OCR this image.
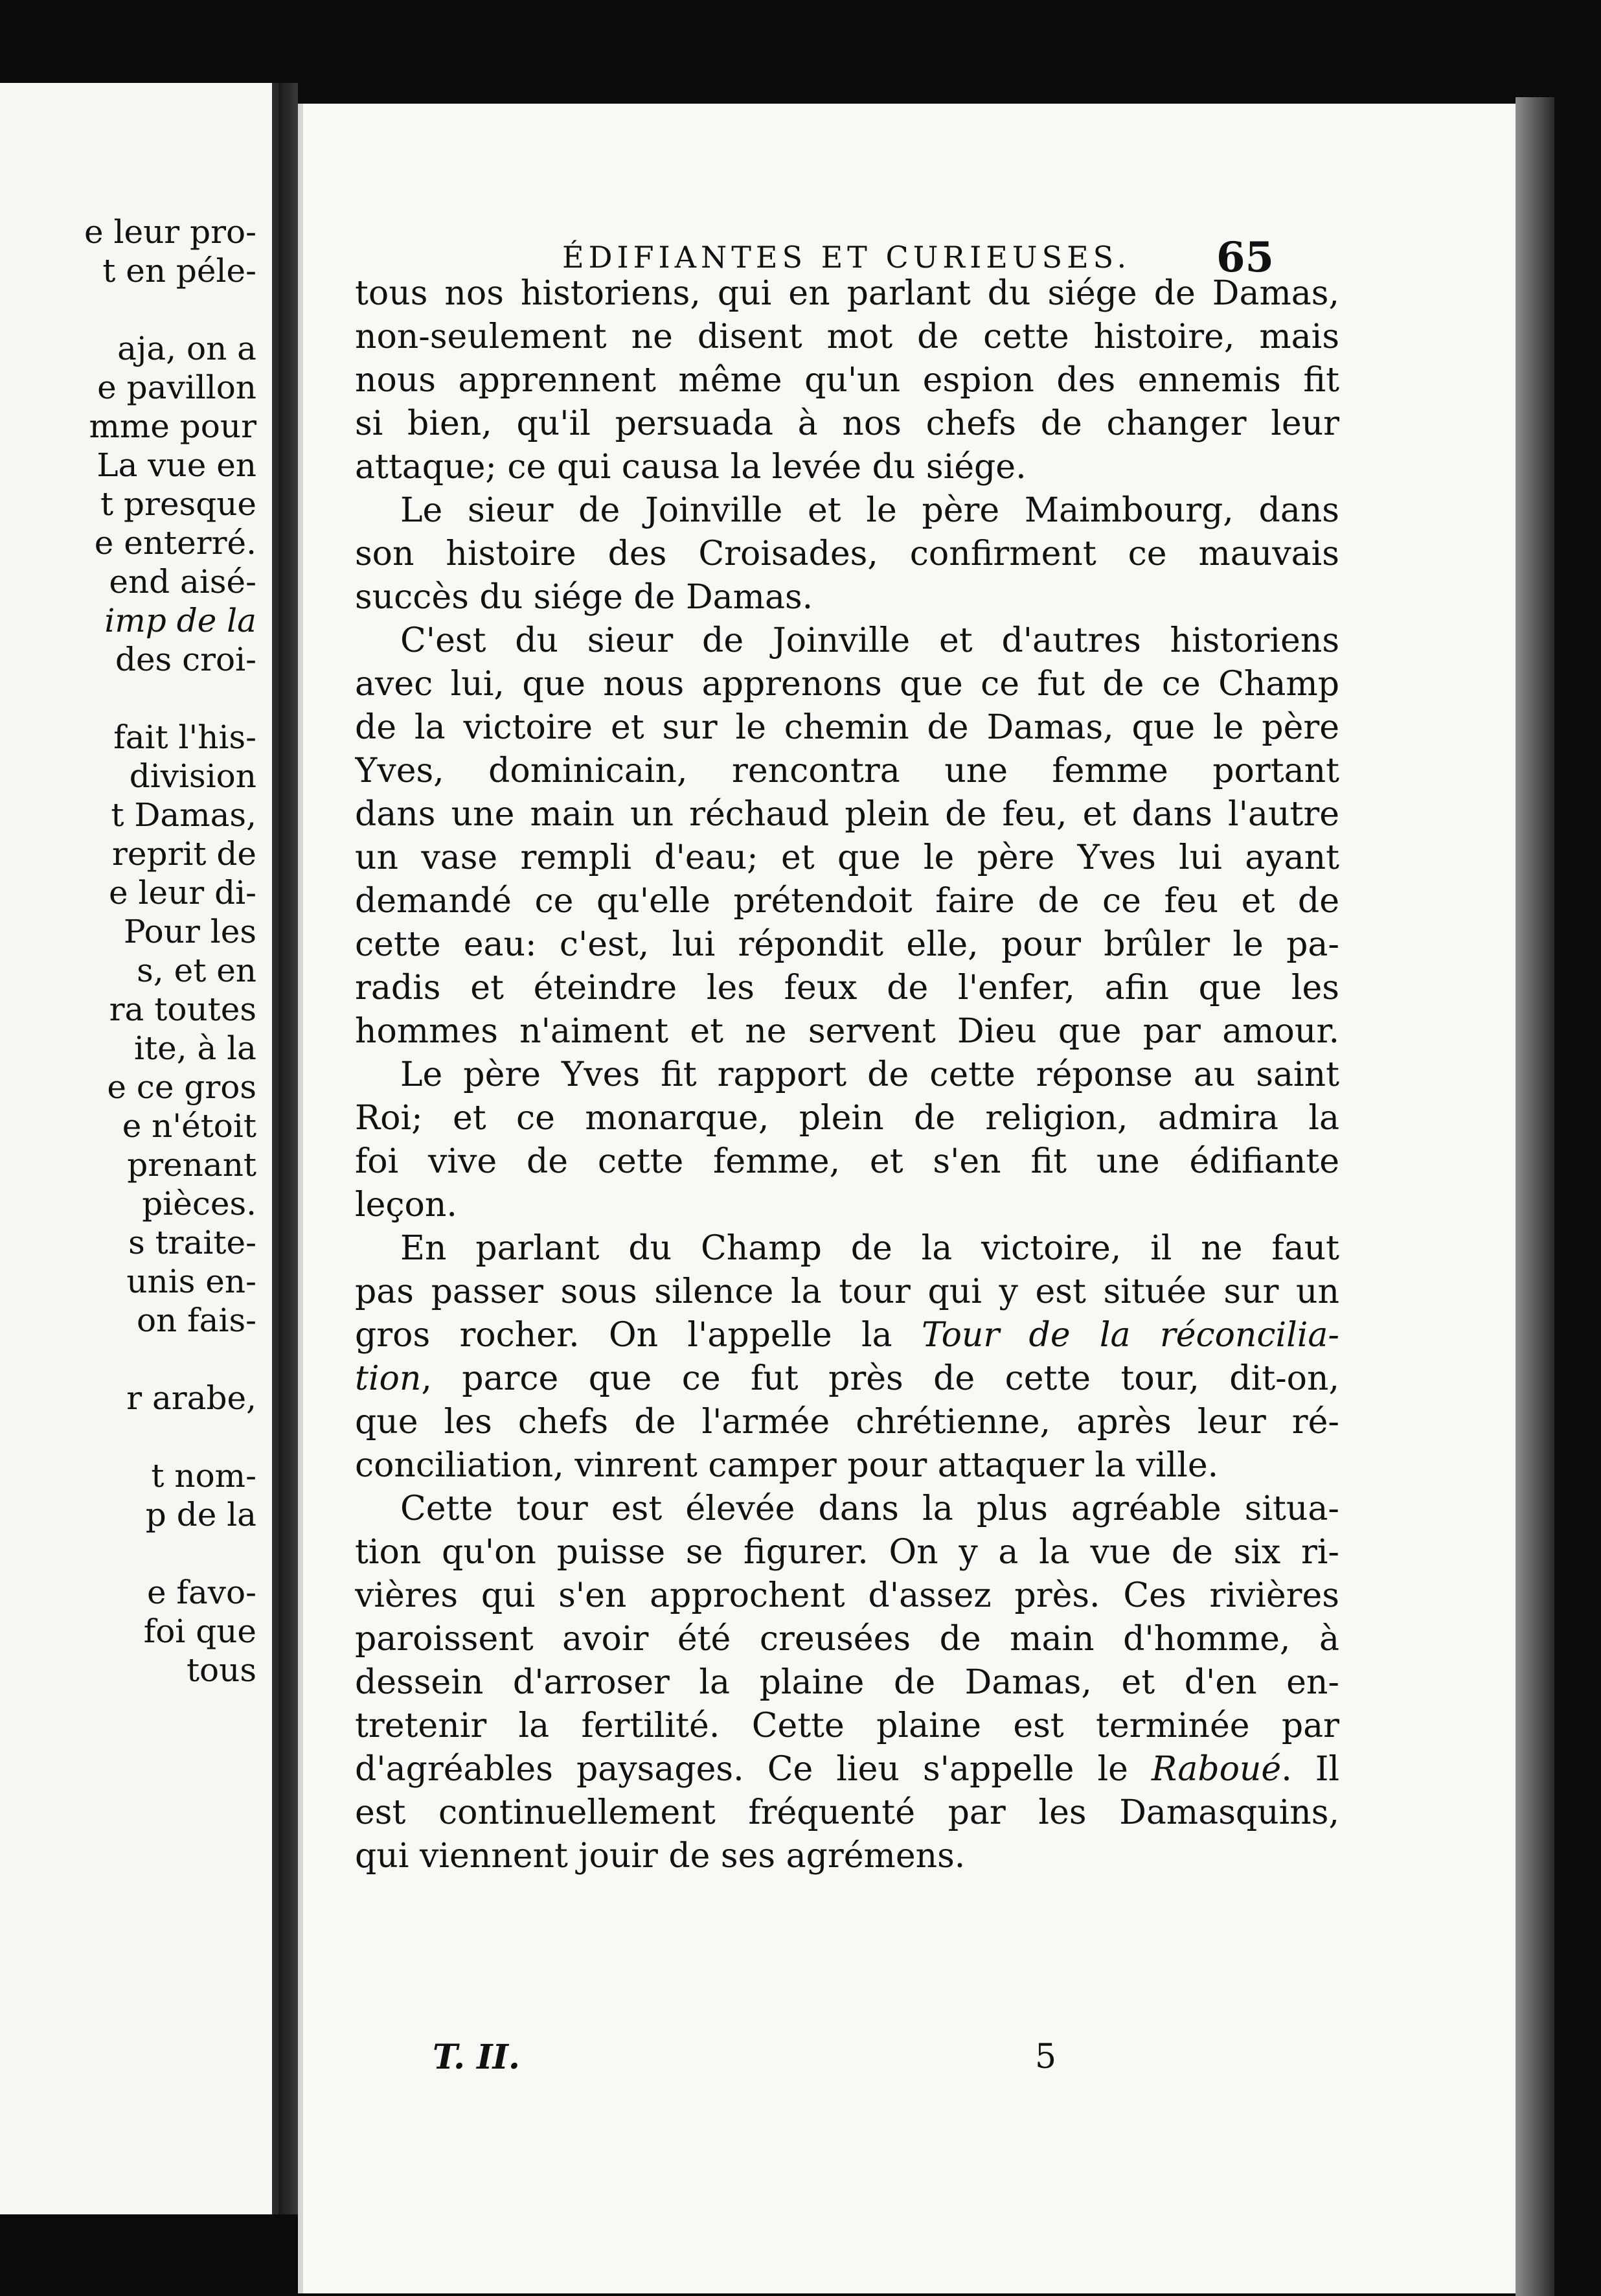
e leur pro-
t en péle-
aja, on a
e pavillon
mme pour
La vue en
t presque
e enterré.
end aisé-
imp de la
des croi-
fait l'his-
division
t Damas,
reprit de
e leur di-
Pour les
s, et en
ra toutes
ite, à la
e ce gros
e n'étoit
prenant
pièces.
s traite-
unis en-
on fais-
r arabe,
t nom-
p de la
e favo-
foi que
tous
ÉDIFIANTES ET CURIEUSES. 65

tous nos historiens, qui en parlant du siége de Damas,
non-seulement ne disent mot de cette histoire, mais
nous apprennent même qu'un espion des ennemis fit
si bien, qu'il persuada à nos chefs de changer leur
attaque; ce qui causa la levée du siége.

Le sieur de Joinville et le père Maimbourg, dans
son histoire des Croisades, confirment ce mauvais
succès du siége de Damas.

C'est du sieur de Joinville et d'autres historiens
avec lui, que nous apprenons que ce fut de ce Champ
de la victoire et sur le chemin de Damas, que le père
Yves, dominicain, rencontra une femme portant
dans une main un réchaud plein de feu, et dans l'autre
un vase rempli d'eau; et que le père Yves lui ayant
demandé ce qu'elle prétendoit faire de ce feu et de
cette eau: c'est, lui répondit elle, pour brûler le pa-
radis et éteindre les feux de l'enfer, afin que les
hommes n'aiment et ne servent Dieu que par amour.

Le père Yves fit rapport de cette réponse au saint
Roi; et ce monarque, plein de religion, admira la
foi vive de cette femme, et s'en fit une édifiante
leçon.

En parlant du Champ de la victoire, il ne faut
pas passer sous silence la tour qui y est située sur un
gros rocher. On l'appelle la Tour de la réconcilia-
tion, parce que ce fut près de cette tour, dit-on,
que les chefs de l'armée chrétienne, après leur ré-
conciliation, vinrent camper pour attaquer la ville.

Cette tour est élevée dans la plus agréable situa-
tion qu'on puisse se figurer. On y a la vue de six ri-
vières qui s'en approchent d'assez près. Ces rivières
paroissent avoir été creusées de main d'homme, à
dessein d'arroser la plaine de Damas, et d'en en-
tretenir la fertilité. Cette plaine est terminée par
d'agréables paysages. Ce lieu s'appelle le Raboué. Il
est continuellement fréquenté par les Damasquins,
qui viennent jouir de ses agrémens.

T. II.	5
